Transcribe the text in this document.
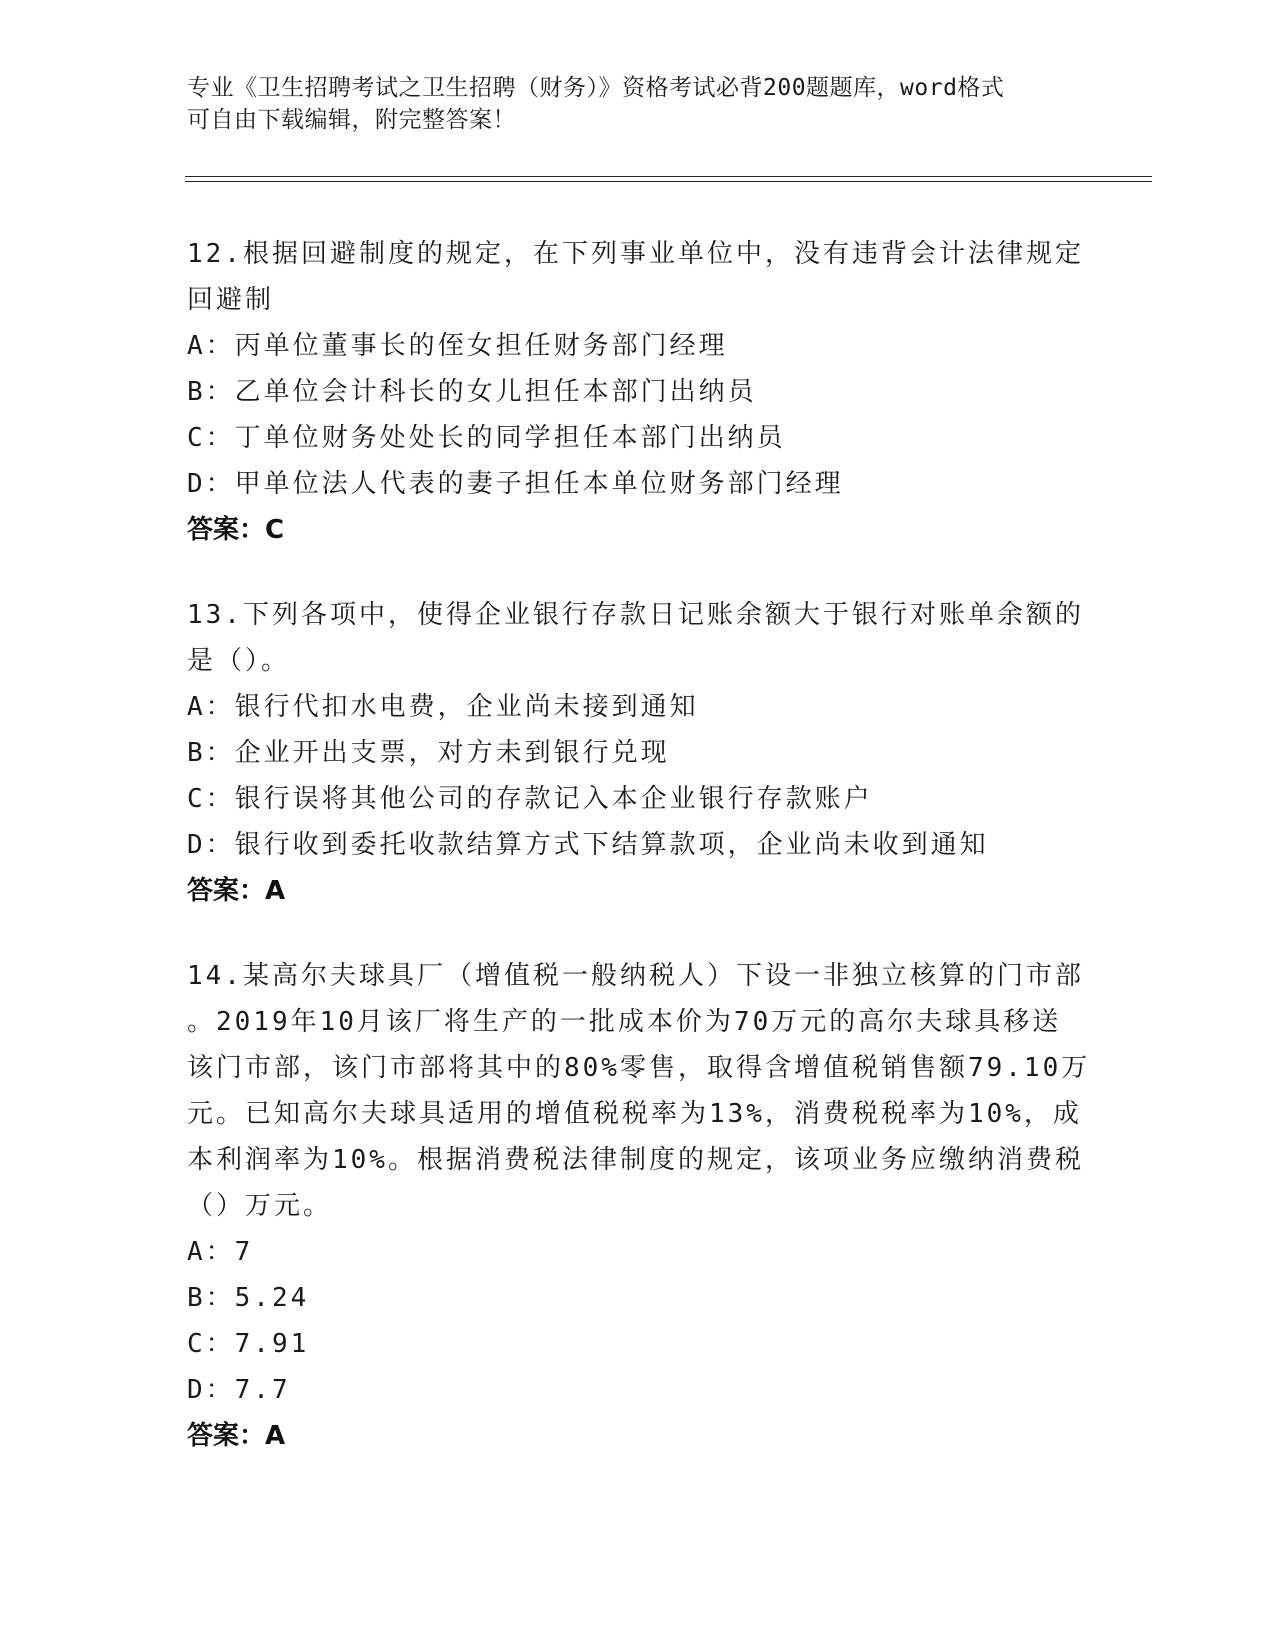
专业《卫生招聘考试之卫生招聘（财务）》资格考试必背200题题库，word格式
可自由下载编辑，附完整答案！
12.根据回避制度的规定，在下列事业单位中，没有违背会计法律规定
回避制
A：丙单位董事长的侄女担任财务部门经理
B：乙单位会计科长的女儿担任本部门出纳员
C：丁单位财务处处长的同学担任本部门出纳员
D：甲单位法人代表的妻子担任本单位财务部门经理
答案：C
13.下列各项中，使得企业银行存款日记账余额大于银行对账单余额的
是（）。
A：银行代扣水电费，企业尚未接到通知
B：企业开出支票，对方未到银行兑现
C：银行误将其他公司的存款记入本企业银行存款账户
D：银行收到委托收款结算方式下结算款项，企业尚未收到通知
答案：A
14.某高尔夫球具厂（增值税一般纳税人）下设一非独立核算的门市部
。2019年10月该厂将生产的一批成本价为70万元的高尔夫球具移送
该门市部，该门市部将其中的80%零售，取得含增值税销售额79.10万
元。已知高尔夫球具适用的增值税税率为13%，消费税税率为10%，成
本利润率为10%。根据消费税法律制度的规定，该项业务应缴纳消费税
（）万元。
A：7
B：5.24
C：7.91
D：7.7
答案：A
